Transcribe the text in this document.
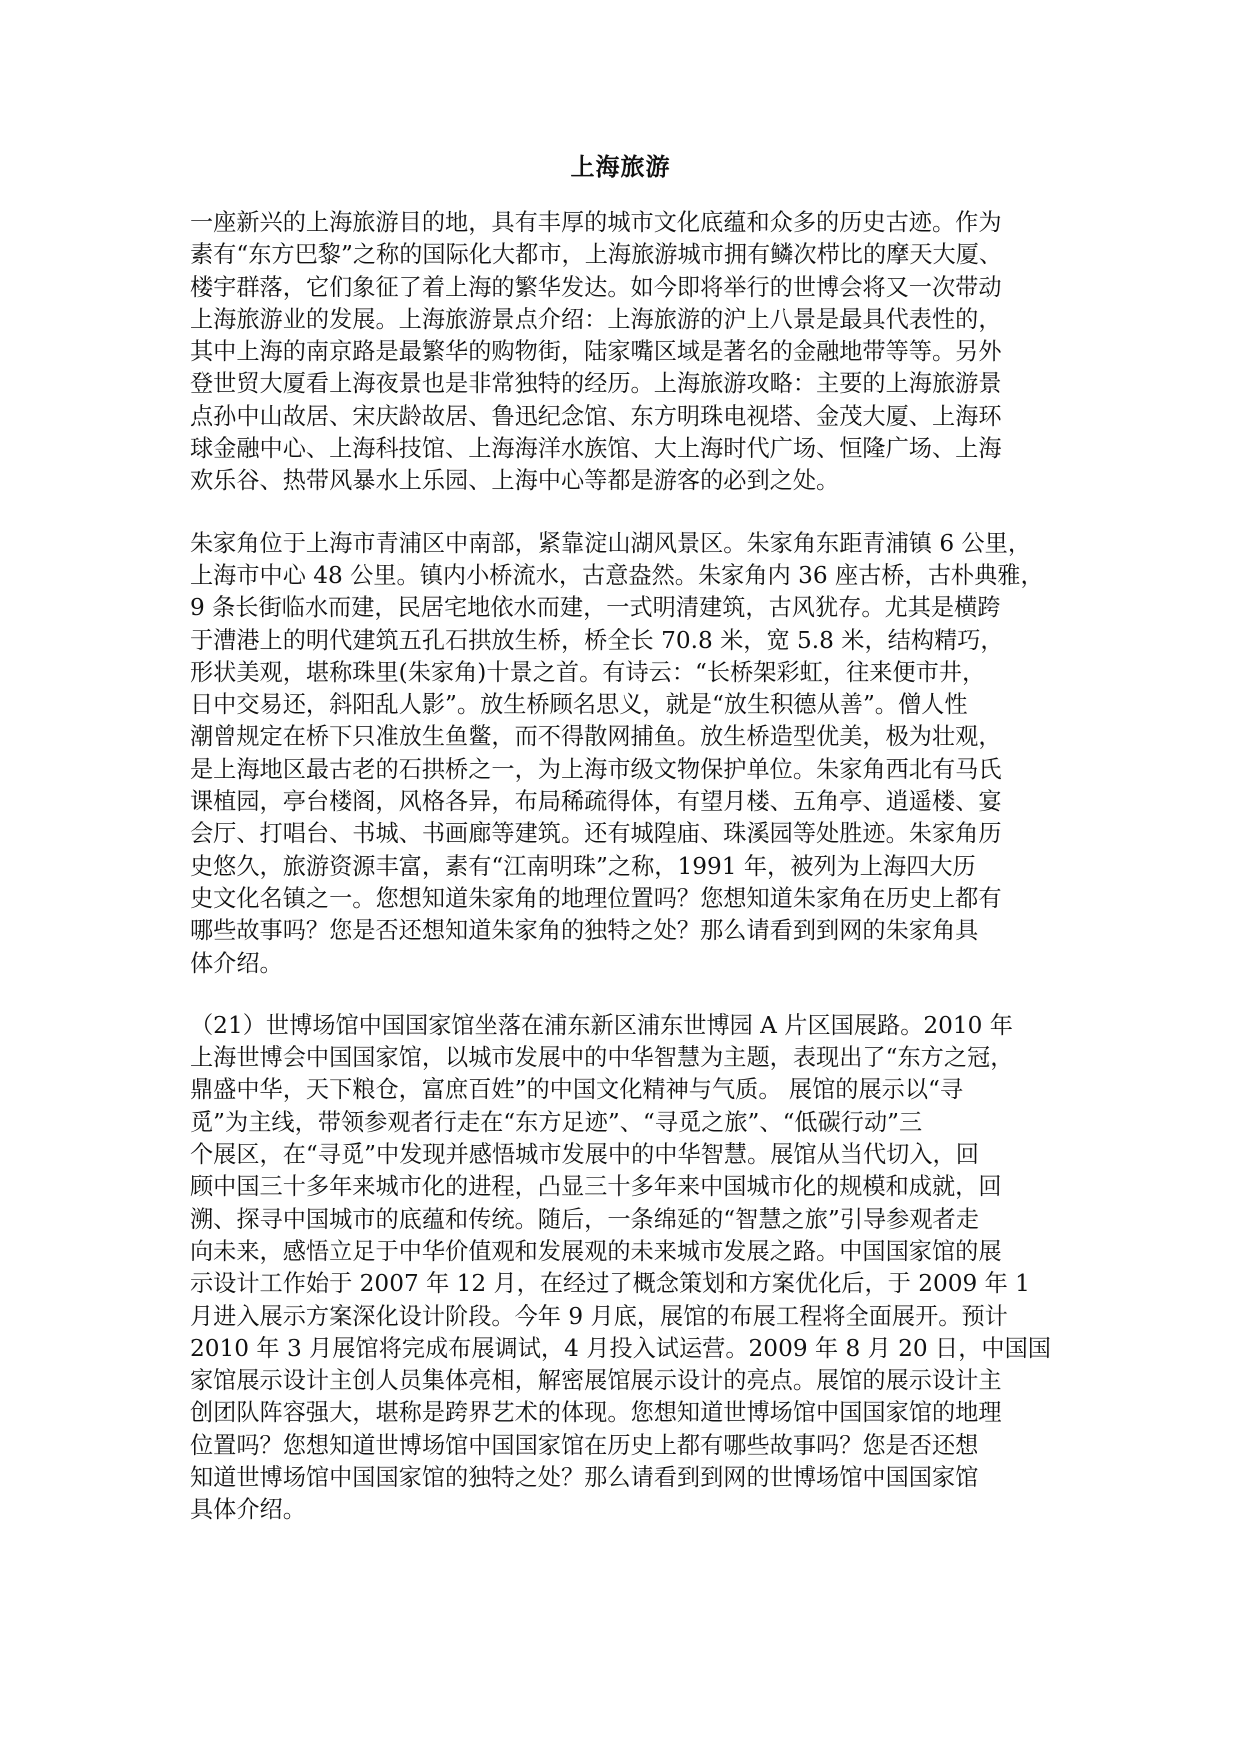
上海旅游
一座新兴的上海旅游目的地，具有丰厚的城市文化底蕴和众多的历史古迹。作为
素有“东方巴黎”之称的国际化大都市，上海旅游城市拥有鳞次栉比的摩天大厦、
楼宇群落，它们象征了着上海的繁华发达。如今即将举行的世博会将又一次带动
上海旅游业的发展。上海旅游景点介绍：上海旅游的沪上八景是最具代表性的，
其中上海的南京路是最繁华的购物街，陆家嘴区域是著名的金融地带等等。另外
登世贸大厦看上海夜景也是非常独特的经历。上海旅游攻略：主要的上海旅游景
点孙中山故居、宋庆龄故居、鲁迅纪念馆、东方明珠电视塔、金茂大厦、上海环
球金融中心、上海科技馆、上海海洋水族馆、大上海时代广场、恒隆广场、上海
欢乐谷、热带风暴水上乐园、上海中心等都是游客的必到之处。
朱家角位于上海市青浦区中南部，紧靠淀山湖风景区。朱家角东距青浦镇 6 公里，
上海市中心 48 公里。镇内小桥流水，古意盎然。朱家角内 36 座古桥，古朴典雅，
9 条长街临水而建，民居宅地依水而建，一式明清建筑，古风犹存。尤其是横跨
于漕港上的明代建筑五孔石拱放生桥，桥全长 70.8 米，宽 5.8 米，结构精巧，
形状美观，堪称珠里(朱家角)十景之首。有诗云：“长桥架彩虹，往来便市井，
日中交易还，斜阳乱人影”。放生桥顾名思义，就是“放生积德从善”。僧人性
潮曾规定在桥下只准放生鱼鳖，而不得散网捕鱼。放生桥造型优美，极为壮观，
是上海地区最古老的石拱桥之一，为上海市级文物保护单位。朱家角西北有马氏
课植园，亭台楼阁，风格各异，布局稀疏得体，有望月楼、五角亭、逍遥楼、宴
会厅、打唱台、书城、书画廊等建筑。还有城隍庙、珠溪园等处胜迹。朱家角历
史悠久，旅游资源丰富，素有“江南明珠”之称，1991 年，被列为上海四大历
史文化名镇之一。您想知道朱家角的地理位置吗？您想知道朱家角在历史上都有
哪些故事吗？您是否还想知道朱家角的独特之处？那么请看到到网的朱家角具
体介绍。
（21）世博场馆中国国家馆坐落在浦东新区浦东世博园 A 片区国展路。2010 年
上海世博会中国国家馆，以城市发展中的中华智慧为主题，表现出了“东方之冠，
鼎盛中华，天下粮仓，富庶百姓”的中国文化精神与气质。 展馆的展示以“寻
觅”为主线，带领参观者行走在“东方足迹”、“寻觅之旅”、“低碳行动”三
个展区，在“寻觅”中发现并感悟城市发展中的中华智慧。展馆从当代切入，回
顾中国三十多年来城市化的进程，凸显三十多年来中国城市化的规模和成就，回
溯、探寻中国城市的底蕴和传统。随后，一条绵延的“智慧之旅”引导参观者走
向未来，感悟立足于中华价值观和发展观的未来城市发展之路。中国国家馆的展
示设计工作始于 2007 年 12 月，在经过了概念策划和方案优化后，于 2009 年 1
月进入展示方案深化设计阶段。今年 9 月底，展馆的布展工程将全面展开。预计
2010 年 3 月展馆将完成布展调试，4 月投入试运营。2009 年 8 月 20 日，中国国
家馆展示设计主创人员集体亮相，解密展馆展示设计的亮点。展馆的展示设计主
创团队阵容强大，堪称是跨界艺术的体现。您想知道世博场馆中国国家馆的地理
位置吗？您想知道世博场馆中国国家馆在历史上都有哪些故事吗？您是否还想
知道世博场馆中国国家馆的独特之处？那么请看到到网的世博场馆中国国家馆
具体介绍。
